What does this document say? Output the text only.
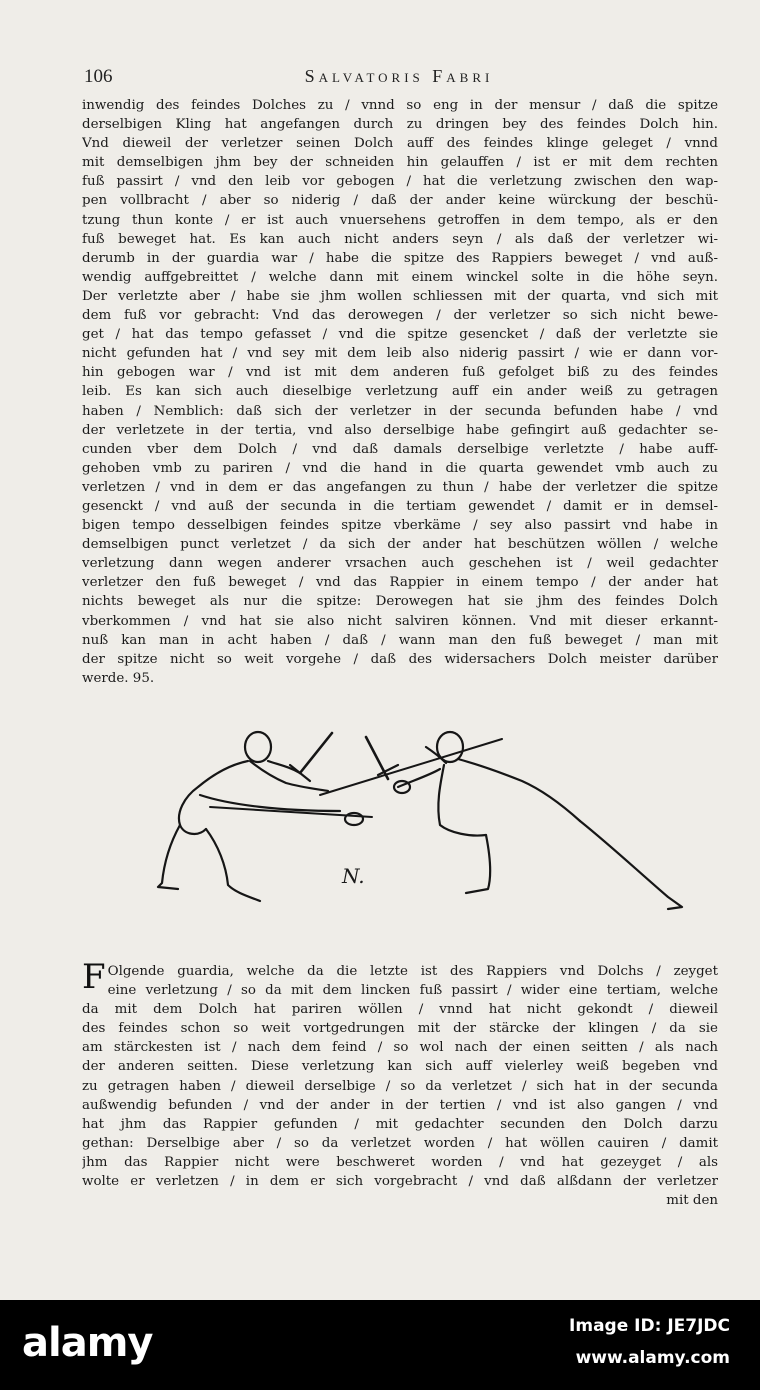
106	Salvatoris Fabri
inwendig des feindes Dolches zu / vnnd so eng in der mensur / daß die spitze
derselbigen Kling hat angefangen durch zu dringen bey des feindes Dolch hin.
Vnd dieweil der verletzer seinen Dolch auff des feindes klinge geleget / vnnd
mit demselbigen jhm bey der schneiden hin gelauffen / ist er mit dem rechten
fuß passirt / vnd den leib vor gebogen / hat die verletzung zwischen den wap-
pen vollbracht / aber so niderig / daß der ander keine würckung der beschü-
tzung thun konte / er ist auch vnuersehens getroffen in dem tempo, als er den
fuß beweget hat. Es kan auch nicht anders seyn / als daß der verletzer wi-
derumb in der guardia war / habe die spitze des Rappiers beweget / vnd auß-
wendig auffgebreittet / welche dann mit einem winckel solte in die höhe seyn.
Der verletzte aber / habe sie jhm wollen schliessen mit der quarta, vnd sich mit
dem fuß vor gebracht: Vnd das derowegen / der verletzer so sich nicht bewe-
get / hat das tempo gefasset / vnd die spitze gesencket / daß der verletzte sie
nicht gefunden hat / vnd sey mit dem leib also niderig passirt / wie er dann vor-
hin gebogen war / vnd ist mit dem anderen fuß gefolget biß zu des feindes
leib. Es kan sich auch dieselbige verletzung auff ein ander weiß zu getragen
haben / Nemblich: daß sich der verletzer in der secunda befunden habe / vnd
der verletzete in der tertia, vnd also derselbige habe gefingirt auß gedachter se-
cunden vber dem Dolch / vnd daß damals derselbige verletzte / habe auff-
gehoben vmb zu pariren / vnd die hand in die quarta gewendet vmb auch zu
verletzen / vnd in dem er das angefangen zu thun / habe der verletzer die spitze
gesenckt / vnd auß der secunda in die tertiam gewendet / damit er in demsel-
bigen tempo desselbigen feindes spitze vberkäme / sey also passirt vnd habe in
demselbigen punct verletzet / da sich der ander hat beschützen wöllen / welche
verletzung dann wegen anderer vrsachen auch geschehen ist / weil gedachter
verletzer den fuß beweget / vnd das Rappier in einem tempo / der ander hat
nichts beweget als nur die spitze: Derowegen hat sie jhm des feindes Dolch
vberkommen / vnd hat sie also nicht salviren können. Vnd mit dieser erkannt-
nuß kan man in acht haben / daß / wann man den fuß beweget / man mit
der spitze nicht so weit vorgehe / daß des widersachers Dolch meister darüber
werde. 95.
N.
F Olgende guardia, welche da die letzte ist des Rappiers vnd Dolchs / zeyget
eine verletzung / so da mit dem lincken fuß passirt / wider eine tertiam, welche
da mit dem Dolch hat pariren wöllen / vnnd hat nicht gekondt / dieweil
des feindes schon so weit vortgedrungen mit der stärcke der klingen / da sie
am stärckesten ist / nach dem feind / so wol nach der einen seitten / als nach
der anderen seitten. Diese verletzung kan sich auff vielerley weiß begeben vnd
zu getragen haben / dieweil derselbige / so da verletzet / sich hat in der secunda
außwendig befunden / vnd der ander in der tertien / vnd ist also gangen / vnd
hat jhm das Rappier gefunden / mit gedachter secunden den Dolch darzu
gethan: Derselbige aber / so da verletzet worden / hat wöllen cauiren / damit
jhm das Rappier nicht were beschweret worden / vnd hat gezeyget / als
wolte er verletzen / in dem er sich vorgebracht / vnd daß alßdann der verletzer
mit den
alamy	Image ID: JE7JDC
www.alamy.com
